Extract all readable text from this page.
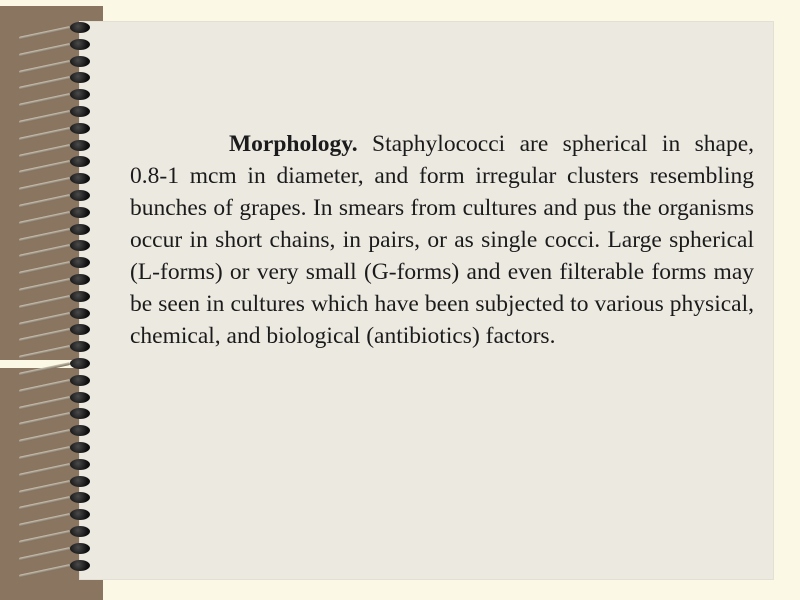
Morphology. Staphylococci are spherical in shape, 0.8-1 mcm in diameter, and form irregular clusters resembling bunches of grapes. In smears from cultures and pus the organisms occur in short chains, in pairs, or as single cocci. Large spherical (L-forms) or very small (G-forms) and even filterable forms may be seen in cultures which have been subjected to various physical, chemical, and biological (antibiotics) factors.
